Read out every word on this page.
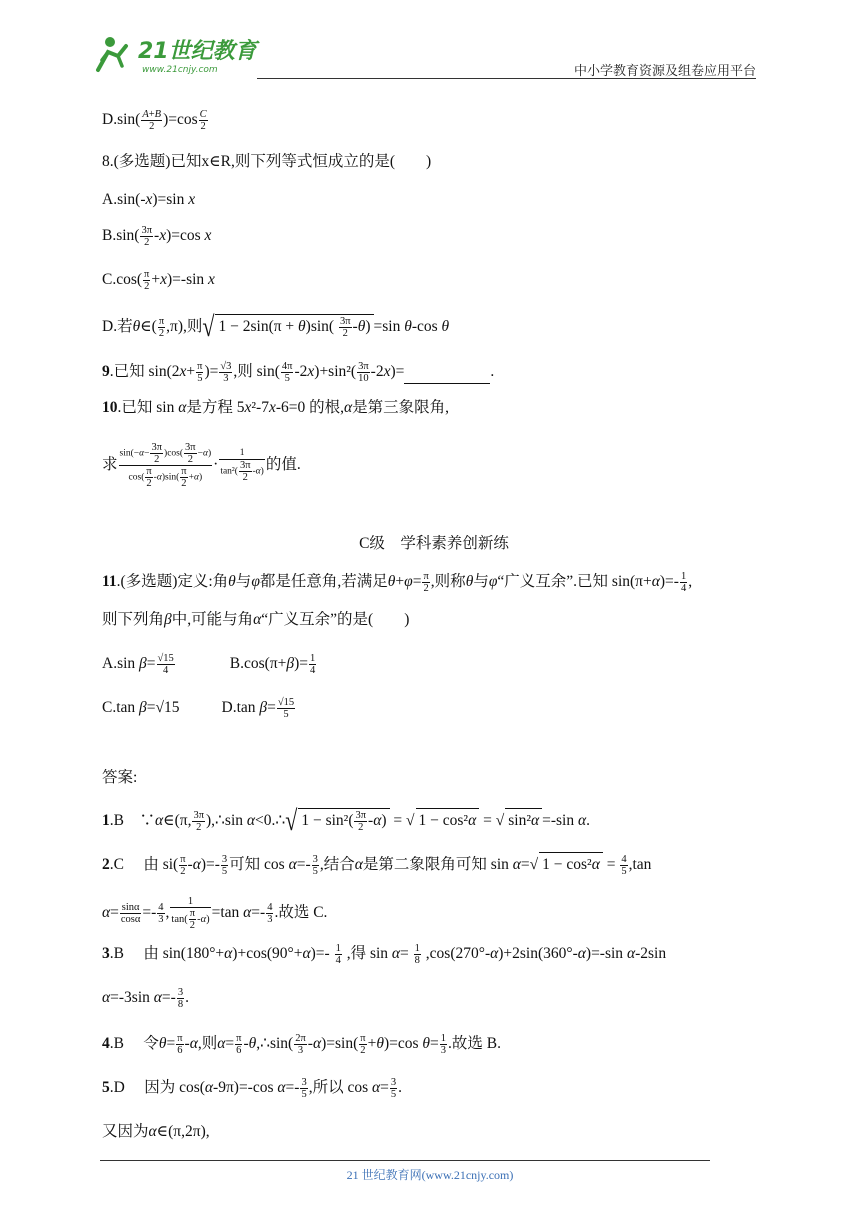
21世纪教育
www.21cnjy.com	中小学教育资源及组卷应用平台
$D.\sin( \frac{A+B}{2} )=\cos \frac{C}{2}$
8.(多选题)已知x∈R,则下列等式恒成立的是(　　)
A.sin(-x)=sin x
$B.\sin( \frac{3\pi}{2} -x)=\cos$ x
$C.\cos( \frac{\pi}{2} +x)=-\sin$ x
D.若θ∈( $\frac{\pi}{2} ,\pi$),则√ $1 - 2\sin(\pi + \theta)\sin( \frac{3\pi}{2} -\theta) =\sin$ θ-cos θ
9.已知 $\sin(2x+ \frac{\pi}{5}$ )= $\frac{√3}{3}$ ,则 $\sin( \frac{4\pi}{5} -2x)+\sin^2( \frac{3\pi}{10} -2x)=$	.
10.已知 sin α是方程 5x²-7x-6=0 的根,α是第三象限角,
求 $\frac{\sin(-\alpha- \frac{3\pi}{2} )\cos( \frac{3\pi}{2} -\alpha)}{\cos( \frac{\pi}{2} -\alpha)\sin( \frac{\pi}{2} +\alpha)} \cdot \frac{1}{\tan^2( \frac{3\pi}{2} -\alpha)}$ 的值.
C级　学科素养创新练
11.(多选题)定义:角θ与φ都是任意角,若满足$\theta+\varphi= \frac{\pi}{2}$ ,则称θ与φ“广义互余”.已知 $\sin(\pi+\alpha)=- \frac{1}{4}$ ,
则下列角β中,可能与角α“广义互余”的是(　　)
A.sin $\beta= \frac{√15}{4}$	$B.\cos(\pi+\beta)= \frac{1}{4}$
C.tan β=√15	D.tan $\beta= \frac{√15}{5}$
答案:
1.B　∵α∈(π, $\frac{3\pi}{2}$ ),∴sin α<0.∴√ $1 - \sin^2( \frac{3\pi}{2} -\alpha)$ = √ 1 − cos²α = √ sin²α =-sin α.
2.C　 由 $si( \frac{\pi}{2} -\alpha)=- \frac{3}{5}$ 可知 $\cos \alpha=- \frac{3}{5}$ ,结合α是第二象限角可知 sin α=√ $1 - \cos^2\alpha = \frac{4}{5} ,\tan$
$\alpha= \frac{\sin\alpha}{\cos\alpha} =- \frac{4}{3}$ , $\frac{1}{\tan( \frac{\pi}{2} -\alpha)} =\tan$ $\alpha=- \frac{4}{3}$ .故选 C.
3.B　 由 $\sin(180^\circ+\alpha)+\cos(90^\circ+\alpha)=- \frac{1}{4}$ ,得 $\sin \alpha= \frac{1}{8} ,\cos(270^\circ-\alpha)+2\sin(360^\circ-\alpha)=-\sin$ α-2sin
α=-3sin $\alpha=- \frac{3}{8}$ .
4.B　 令$\theta= \frac{\pi}{6} -\alpha$,则$\alpha= \frac{\pi}{6}$ -θ,∴sin( $\frac{2\pi}{3} -\alpha)=\sin( \frac{\pi}{2} +\theta)=\cos$ $\theta= \frac{1}{3}$ .故选 B.
5.D　 因为 cos(α-9π)=-cos $\alpha=- \frac{3}{5}$ ,所以 $\cos \alpha= \frac{3}{5}$ .
又因为α∈(π,2π),
21 世纪教育网(www.21cnjy.com)
